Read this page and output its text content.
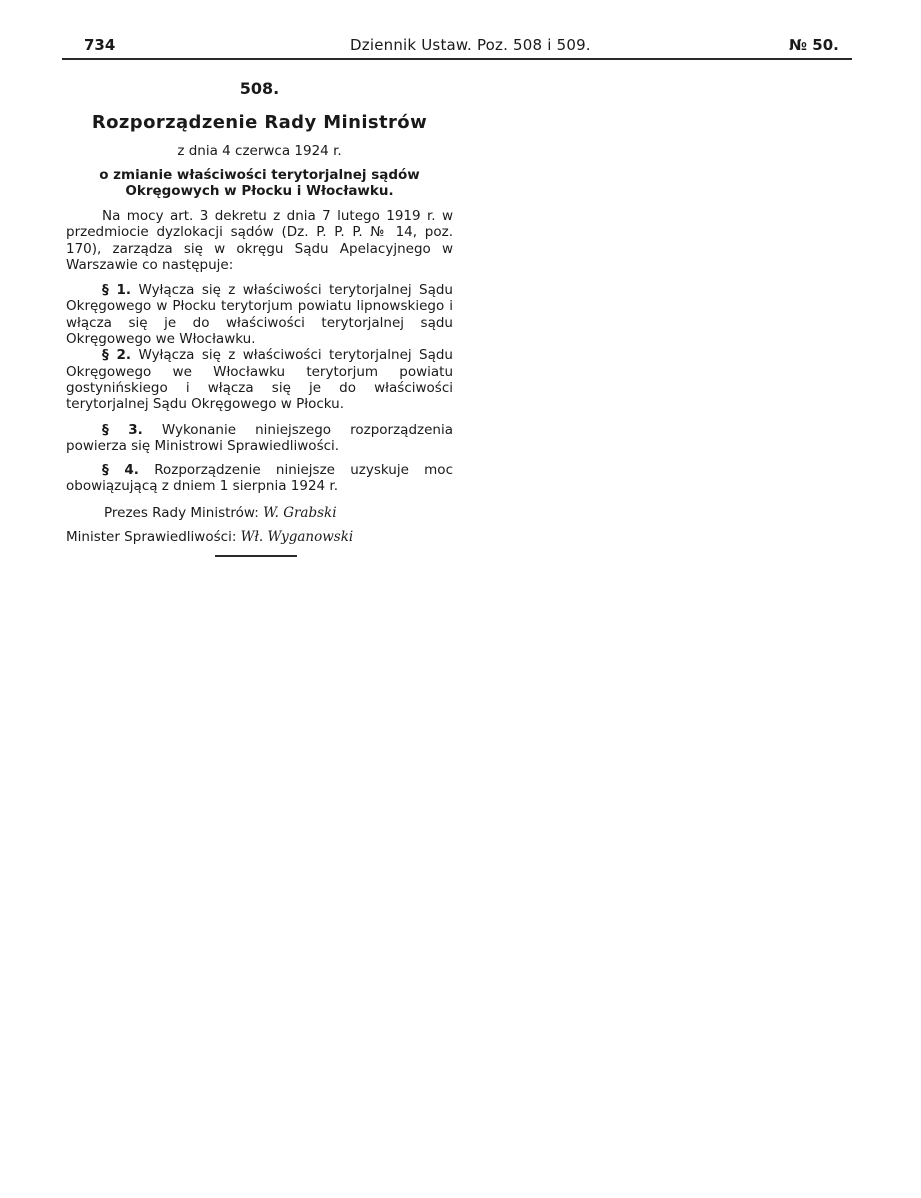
734	Dziennik Ustaw. Poz. 508 i 509.	№ 50.
508.
Rozporządzenie Rady Ministrów
z dnia 4 czerwca 1924 r.
o zmianie właściwości terytorjalnej sądów Okręgowych w Płocku i Włocławku.

Na mocy art. 3 dekretu z dnia 7 lutego 1919 r. w przedmiocie dyzlokacji sądów (Dz. P. P. P. № 14, poz. 170), zarządza się w okręgu Sądu Apelacyjnego w Warszawie co następuje:

§ 1. Wyłącza się z właściwości terytorjalnej Sądu Okręgowego w Płocku terytorjum powiatu lipnowskiego i włącza się je do właściwości terytorjalnej sądu Okręgowego we Włocławku.

§ 2. Wyłącza się z właściwości terytorjalnej Sądu Okręgowego we Włocławku terytorjum powiatu gostynińskiego i włącza się je do właściwości terytorjalnej Sądu Okręgowego w Płocku.

§ 3. Wykonanie niniejszego rozporządzenia powierza się Ministrowi Sprawiedliwości.

§ 4. Rozporządzenie niniejsze uzyskuje moc obowiązującą z dniem 1 sierpnia 1924 r.

Prezes Rady Ministrów: W. Grabski
Minister Sprawiedliwości: Wł. Wyganowski
